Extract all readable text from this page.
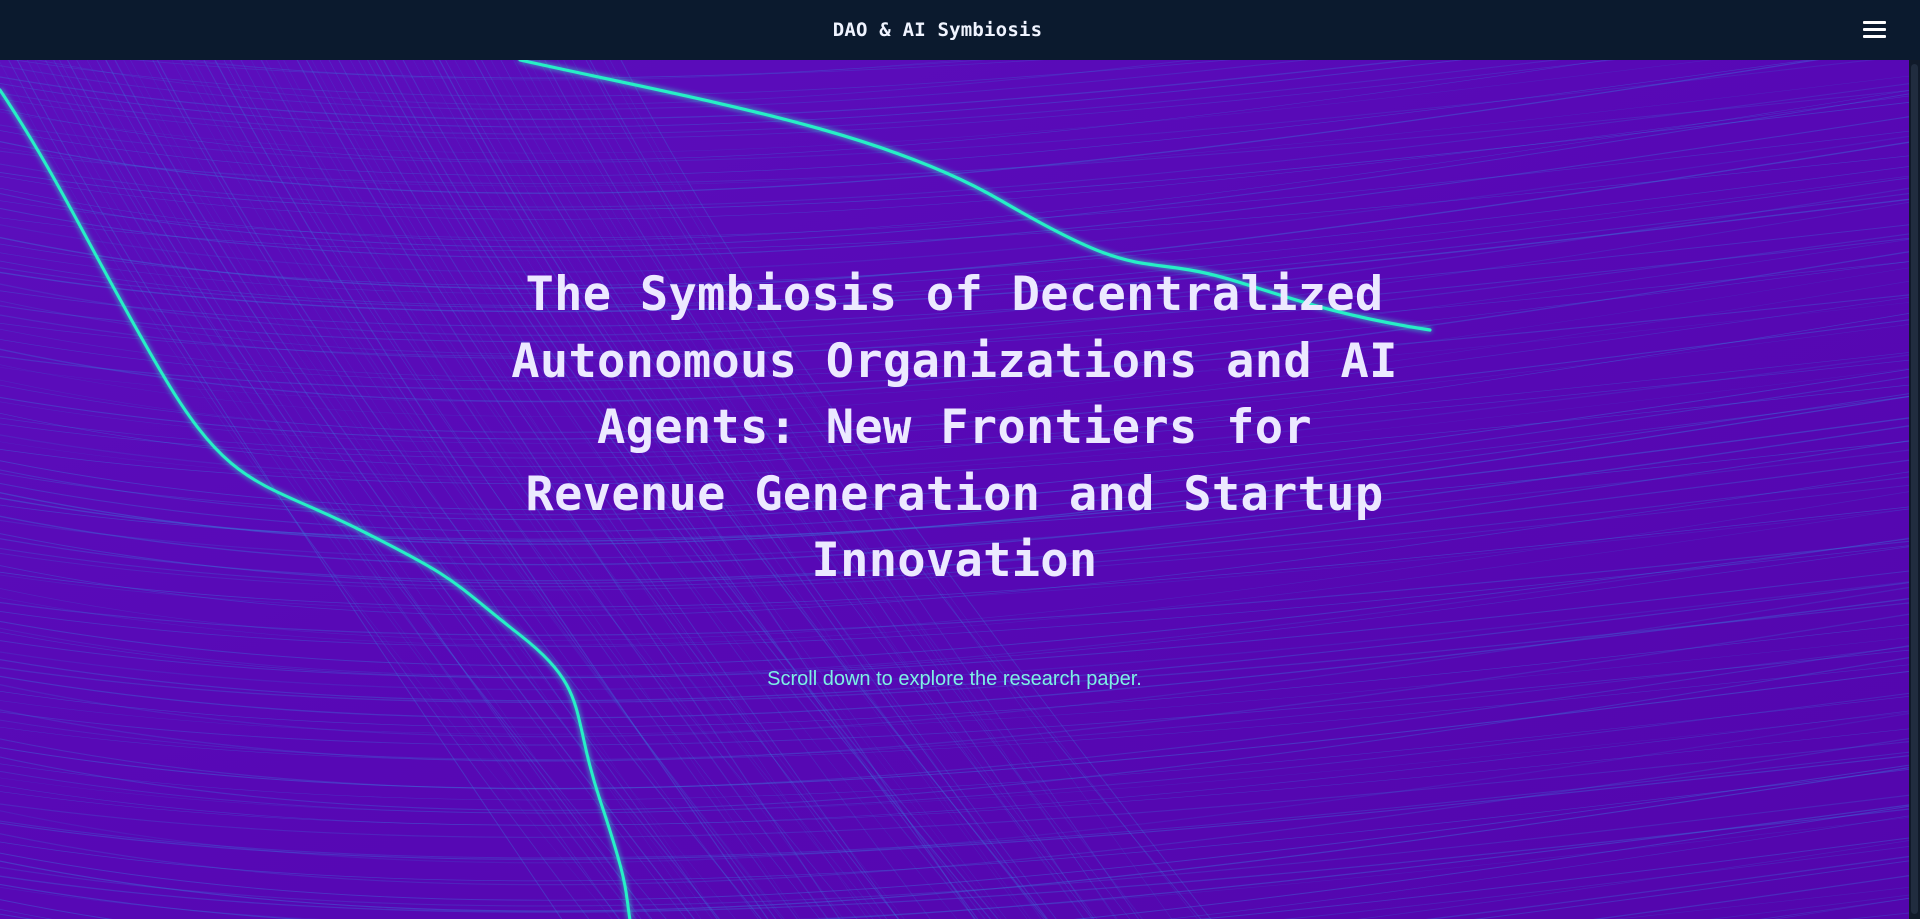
DAO & AI Symbiosis
The Symbiosis of Decentralized Autonomous Organizations and AI Agents: New Frontiers for Revenue Generation and Startup Innovation
Scroll down to explore the research paper.
